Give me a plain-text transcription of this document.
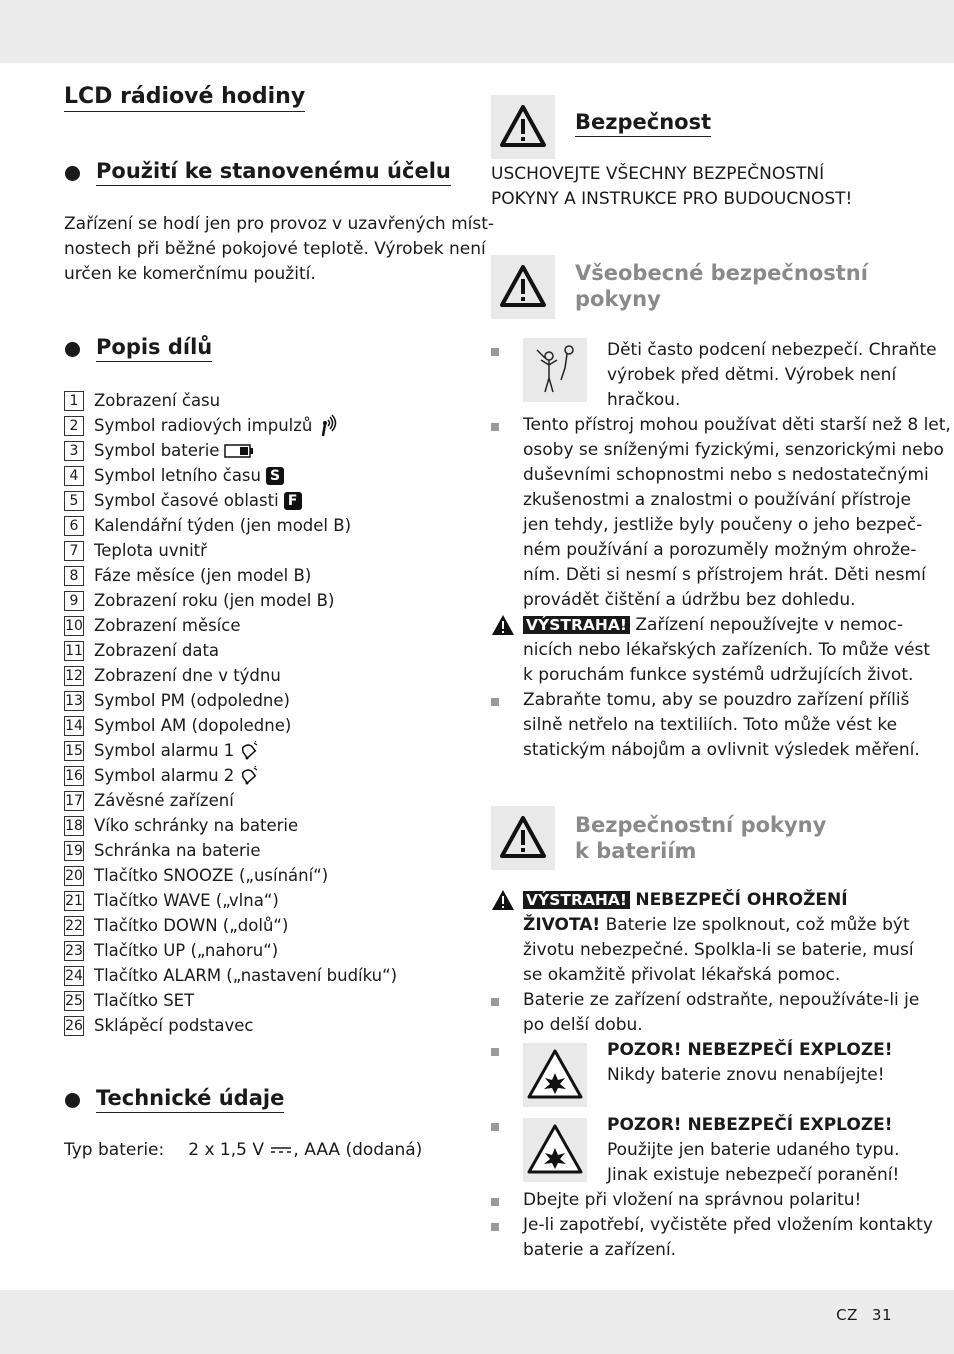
CZ 31
LCD rádiové hodiny
Použití ke stanovenému účelu
Zařízení se hodí jen pro provoz v uzavřených míst-
nostech při běžné pokojové teplotě. Výrobek není
určen ke komerčnímu použití.
Popis dílů
1 Zobrazení času
2 Symbol radiových impulzů
3 Symbol baterie
4 Symbol letního času S
5 Symbol časové oblasti F
6 Kalendářní týden (jen model B)
7 Teplota uvnitř
8 Fáze měsíce (jen model B)
9 Zobrazení roku (jen model B)
10 Zobrazení měsíce
11 Zobrazení data
12 Zobrazení dne v týdnu
13 Symbol PM (odpoledne)
14 Symbol AM (dopoledne)
15 Symbol alarmu 1
16 Symbol alarmu 2
17 Závěsné zařízení
18 Víko schránky na baterie
19 Schránka na baterie
20 Tlačítko SNOOZE („usínání“)
21 Tlačítko WAVE („vlna“)
22 Tlačítko DOWN („dolů“)
23 Tlačítko UP („nahoru“)
24 Tlačítko ALARM („nastavení budíku“)
25 Tlačítko SET
26 Sklápěcí podstavec
Technické údaje
Typ baterie: 2 x 1,5 V , AAA (dodaná)
Bezpečnost
USCHOVEJTE VŠECHNY BEZPEČNOSTNÍ
POKYNY A INSTRUKCE PRO BUDOUCNOST!
Všeobecné bezpečnostní
pokyny
Děti často podcení nebezpečí. Chraňte
výrobek před dětmi. Výrobek není
hračkou.
Tento přístroj mohou používat děti starší než 8 let,
osoby se sníženými fyzickými, senzorickými nebo
duševními schopnostmi nebo s nedostatečnými
zkušenostmi a znalostmi o používání přístroje
jen tehdy, jestliže byly poučeny o jeho bezpeč-
ném používání a porozuměly možným ohrože-
ním. Děti si nesmí s přístrojem hrát. Děti nesmí
provádět čištění a údržbu bez dohledu.
VÝSTRAHA! Zařízení nepoužívejte v nemoc-
nicích nebo lékařských zařízeních. To může vést
k poruchám funkce systémů udržujících život.
Zabraňte tomu, aby se pouzdro zařízení příliš
silně netřelo na textiliích. Toto může vést ke
statickým nábojům a ovlivnit výsledek měření.
Bezpečnostní pokyny
k bateriím
VÝSTRAHA! NEBEZPEČÍ OHROŽENÍ
ŽIVOTA! Baterie lze spolknout, což může být
životu nebezpečné. Spolkla-li se baterie, musí
se okamžitě přivolat lékařská pomoc.
Baterie ze zařízení odstraňte, nepoužíváte-li je
po delší dobu.
POZOR! NEBEZPEČÍ EXPLOZE!
Nikdy baterie znovu nenabíjejte!
POZOR! NEBEZPEČÍ EXPLOZE!
Použijte jen baterie udaného typu.
Jinak existuje nebezpečí poranění!
Dbejte při vložení na správnou polaritu!
Je-li zapotřebí, vyčistěte před vložením kontakty
baterie a zařízení.
